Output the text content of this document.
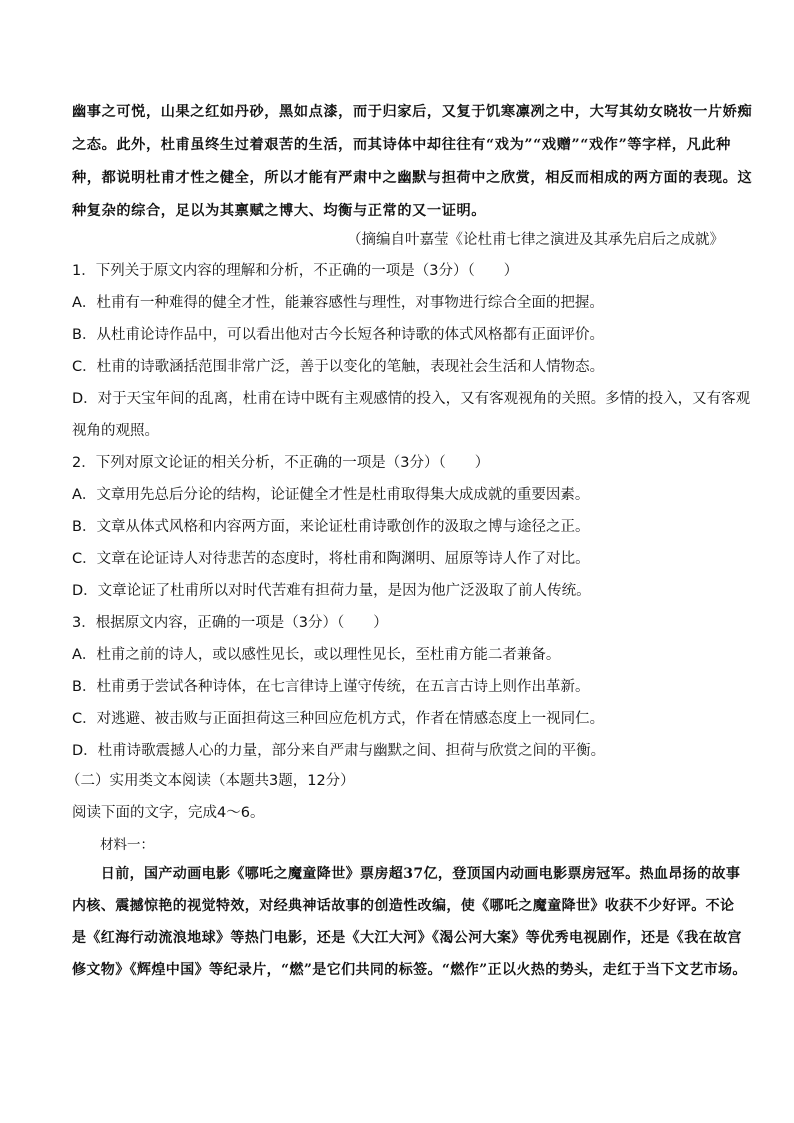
幽事之可悦，山果之红如丹砂，黑如点漆，而于归家后，又复于饥寒凛冽之中，大写其幼女晓妆一片娇痴
之态。此外，杜甫虽终生过着艰苦的生活，而其诗体中却往往有“戏为”“戏赠”“戏作”等字样，凡此种
种，都说明杜甫才性之健全，所以才能有严肃中之幽默与担荷中之欣赏，相反而相成的两方面的表现。这
种复杂的综合，足以为其禀赋之博大、均衡与正常的又一证明。
（摘编自叶嘉莹《论杜甫七律之演进及其承先启后之成就》
1．下列关于原文内容的理解和分析，不正确的一项是（3分）（　　）
A．杜甫有一种难得的健全才性，能兼容感性与理性，对事物进行综合全面的把握。
B．从杜甫论诗作品中，可以看出他对古今长短各种诗歌的体式风格都有正面评价。
C．杜甫的诗歌涵括范围非常广泛，善于以变化的笔触，表现社会生活和人情物态。
D．对于天宝年间的乱离，杜甫在诗中既有主观感情的投入，又有客观视角的关照。多情的投入，又有客观
视角的观照。
2．下列对原文论证的相关分析，不正确的一项是（3分）（　　）
A．文章用先总后分论的结构，论证健全才性是杜甫取得集大成成就的重要因素。
B．文章从体式风格和内容两方面，来论证杜甫诗歌创作的汲取之博与途径之正。
C．文章在论证诗人对待悲苦的态度时，将杜甫和陶渊明、屈原等诗人作了对比。
D．文章论证了杜甫所以对时代苦难有担荷力量，是因为他广泛汲取了前人传统。
3．根据原文内容，正确的一项是（3分）（　　）
A．杜甫之前的诗人，或以感性见长，或以理性见长，至杜甫方能二者兼备。
B．杜甫勇于尝试各种诗体，在七言律诗上谨守传统，在五言古诗上则作出革新。
C．对逃避、被击败与正面担荷这三种回应危机方式，作者在情感态度上一视同仁。
D．杜甫诗歌震撼人心的力量，部分来自严肃与幽默之间、担荷与欣赏之间的平衡。
（二）实用类文本阅读（本题共3题，12分）
阅读下面的文字，完成4～6。
材料一：
　　日前，国产动画电影《哪吒之魔童降世》票房超37亿，登顶国内动画电影票房冠军。热血昂扬的故事
内核、震撼惊艳的视觉特效，对经典神话故事的创造性改编，使《哪吒之魔童降世》收获不少好评。不论
是《红海行动流浪地球》等热门电影，还是《大江大河》《渴公河大案》等优秀电视剧作，还是《我在故宫
修文物》《辉煌中国》等纪录片，“燃”是它们共同的标签。“燃作”正以火热的势头，走红于当下文艺市场。
